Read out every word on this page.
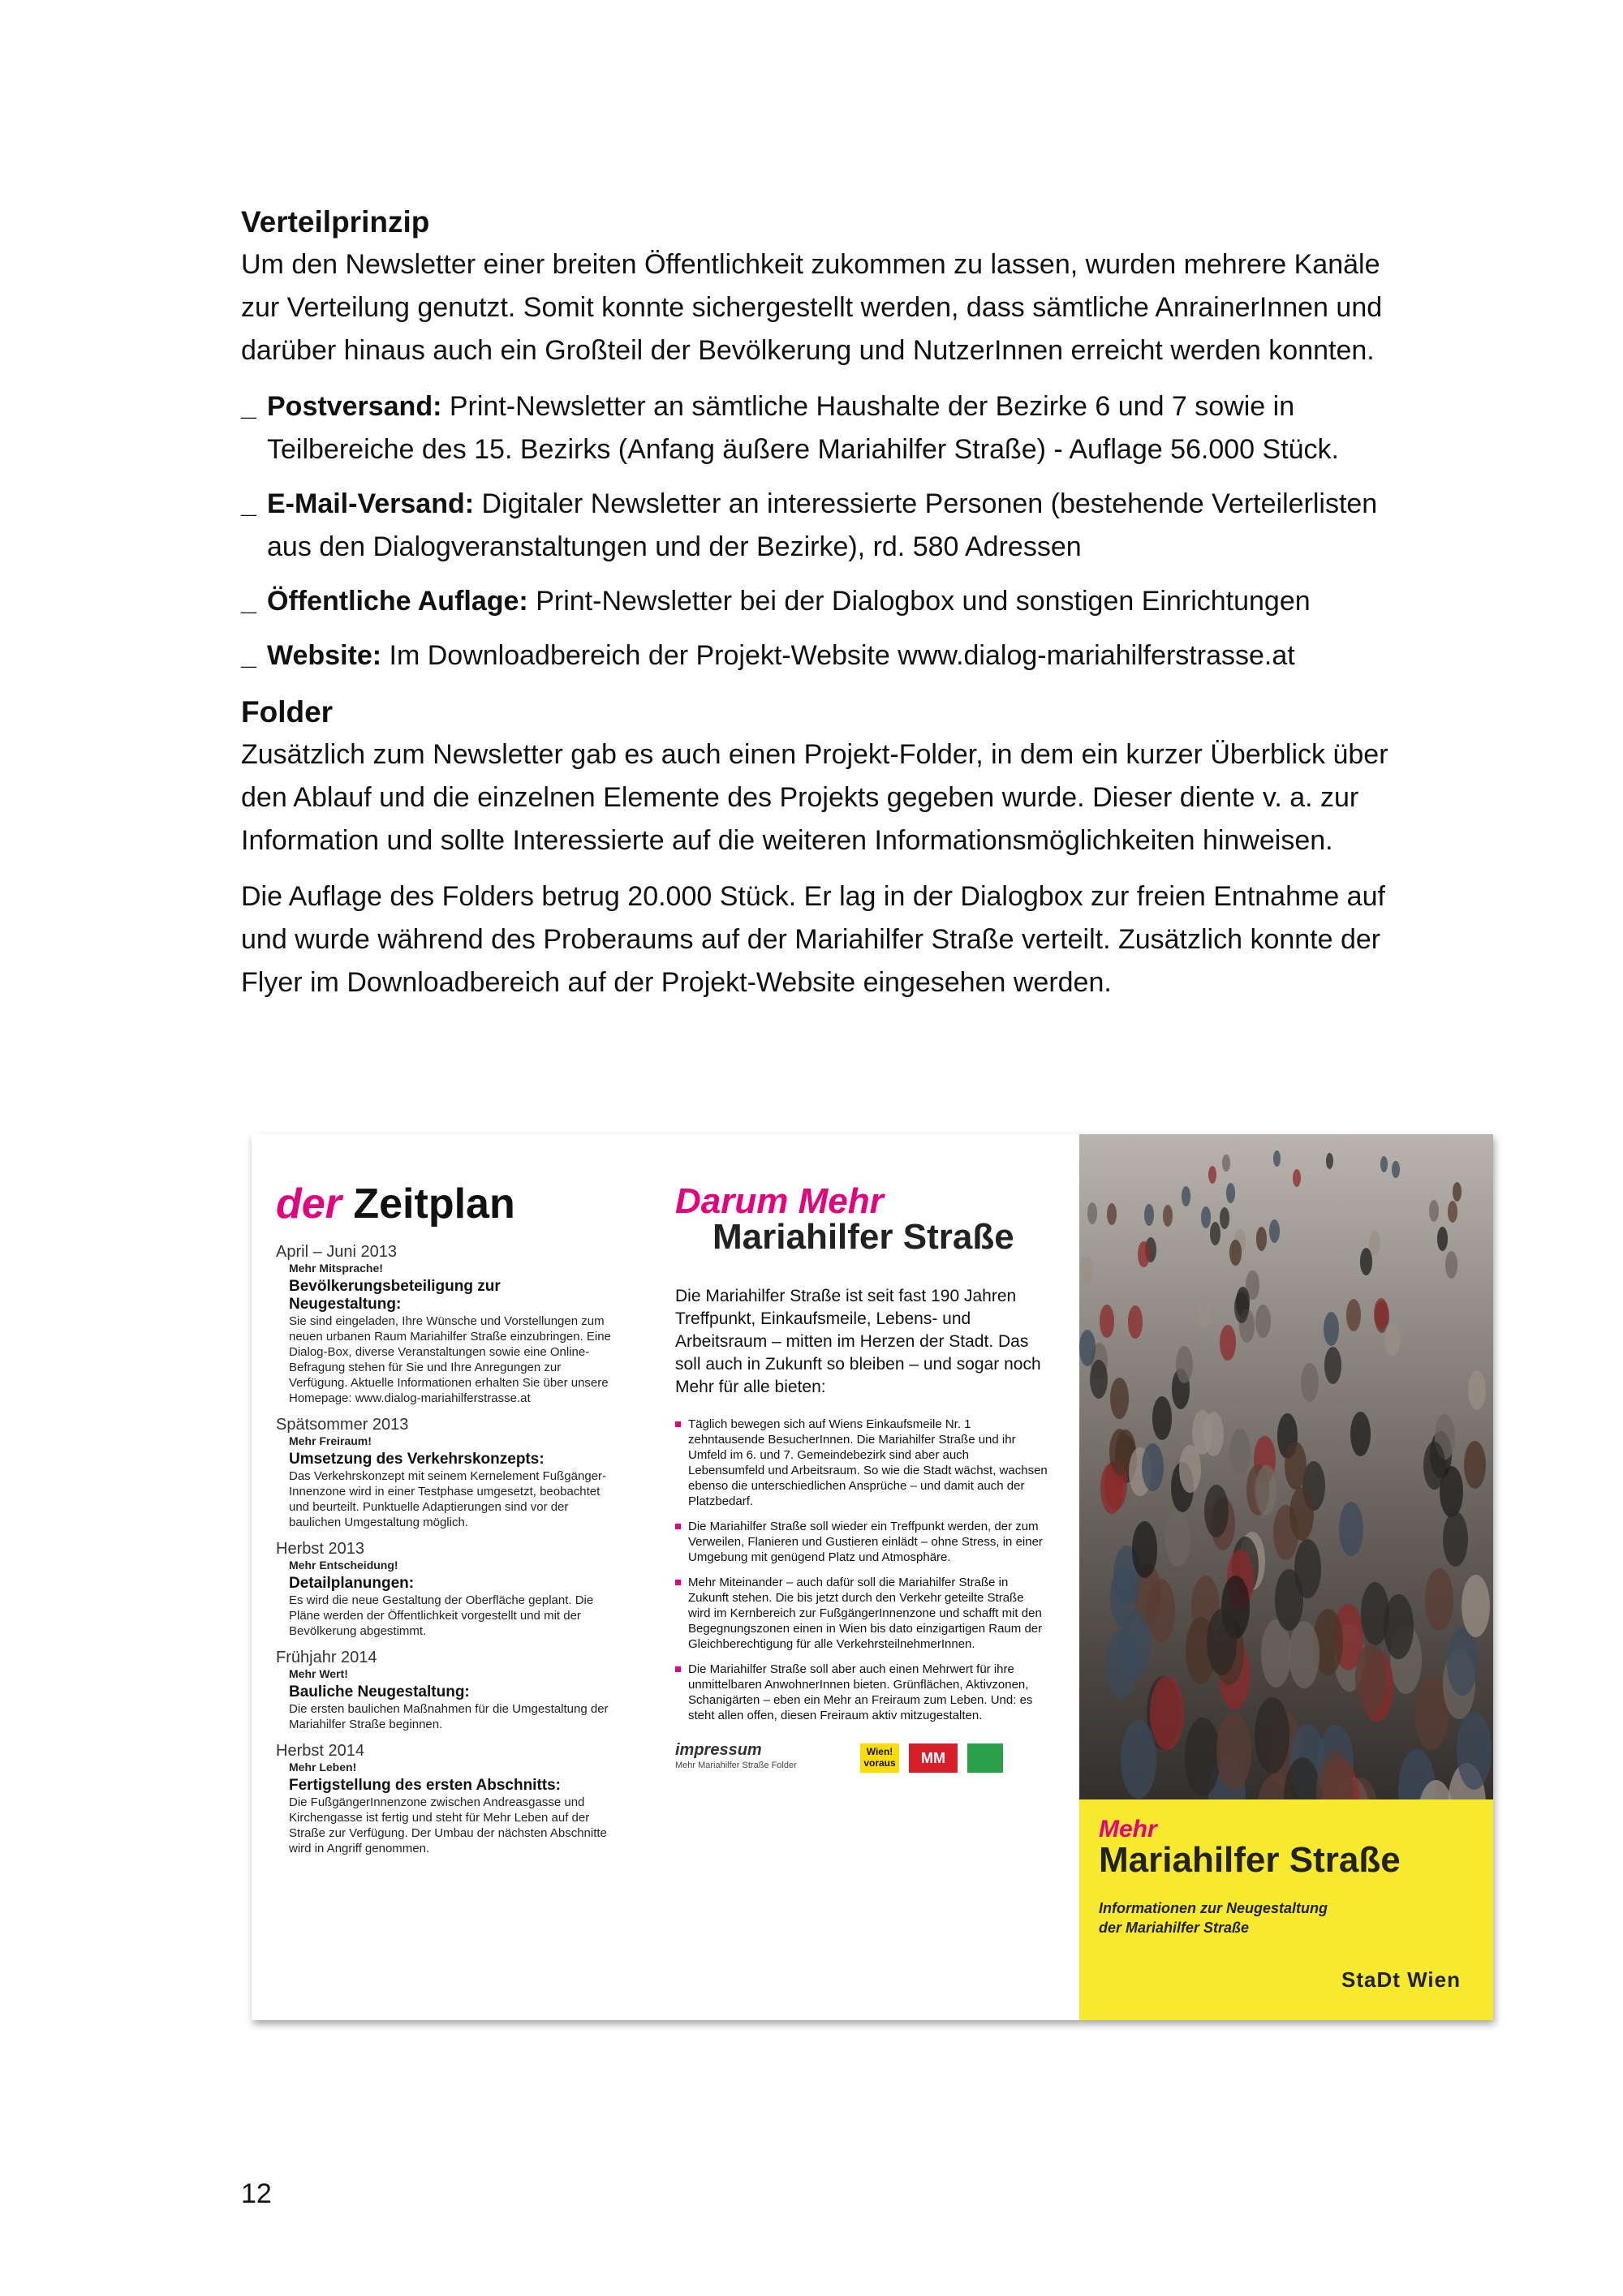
Verteilprinzip

Um den Newsletter einer breiten Öffentlichkeit zukommen zu lassen, wurden mehrere Kanäle zur Verteilung genutzt. Somit konnte sichergestellt werden, dass sämtliche AnrainerInnen und darüber hinaus auch ein Großteil der Bevölkerung und NutzerInnen erreicht werden konnten.

_ Postversand: Print-Newsletter an sämtliche Haushalte der Bezirke 6 und 7 sowie in Teilbereiche des 15. Bezirks (Anfang äußere Mariahilfer Straße) - Auflage 56.000 Stück.
_ E-Mail-Versand: Digitaler Newsletter an interessierte Personen (bestehende Verteilerlisten aus den Dialogveranstaltungen und der Bezirke), rd. 580 Adressen
_ Öffentliche Auflage: Print-Newsletter bei der Dialogbox und sonstigen Einrichtungen
_ Website: Im Downloadbereich der Projekt-Website www.dialog-mariahilferstrasse.at
Folder

Zusätzlich zum Newsletter gab es auch einen Projekt-Folder, in dem ein kurzer Überblick über den Ablauf und die einzelnen Elemente des Projekts gegeben wurde. Dieser diente v. a. zur Information und sollte Interessierte auf die weiteren Informationsmöglichkeiten hinweisen.

Die Auflage des Folders betrug 20.000 Stück. Er lag in der Dialogbox zur freien Entnahme auf und wurde während des Proberaums auf der Mariahilfer Straße verteilt. Zusätzlich konnte der Flyer im Downloadbereich auf der Projekt-Website eingesehen werden.

der Zeitplan
April – Juni 2013
Mehr Mitsprache!
Bevölkerungsbeteiligung zur Neugestaltung:
Sie sind eingeladen, Ihre Wünsche und Vorstellungen zum neuen urbanen Raum Mariahilfer Straße einzubringen. Eine Dialog-Box, diverse Veranstaltungen sowie eine Online-Befragung stehen für Sie und Ihre Anregungen zur Verfügung. Aktuelle Informationen erhalten Sie über unsere Homepage: www.dialog-mariahilferstrasse.at
Spätsommer 2013
Mehr Freiraum!
Umsetzung des Verkehrskonzepts:
Das Verkehrskonzept mit seinem Kernelement Fußgänger-Innenzone wird in einer Testphase umgesetzt, beobachtet und beurteilt. Punktuelle Adaptierungen sind vor der baulichen Umgestaltung möglich.
Herbst 2013
Mehr Entscheidung!
Detailplanungen:
Es wird die neue Gestaltung der Oberfläche geplant. Die Pläne werden der Öffentlichkeit vorgestellt und mit der Bevölkerung abgestimmt.
Frühjahr 2014
Mehr Wert!
Bauliche Neugestaltung:
Die ersten baulichen Maßnahmen für die Umgestaltung der Mariahilfer Straße beginnen.
Herbst 2014
Mehr Leben!
Fertigstellung des ersten Abschnitts:
Die FußgängerInnenzone zwischen Andreasgasse und Kirchengasse ist fertig und steht für Mehr Leben auf der Straße zur Verfügung. Der Umbau der nächsten Abschnitte wird in Angriff genommen.
Darum Mehr
Mariahilfer Straße
Die Mariahilfer Straße ist seit fast 190 Jahren Treffpunkt, Einkaufsmeile, Lebens- und Arbeitsraum – mitten im Herzen der Stadt. Das soll auch in Zukunft so bleiben – und sogar noch Mehr für alle bieten:
Täglich bewegen sich auf Wiens Einkaufsmeile Nr. 1 zehntausende BesucherInnen. Die Mariahilfer Straße und ihr Umfeld im 6. und 7. Gemeindebezirk sind aber auch Lebensumfeld und Arbeitsraum. So wie die Stadt wächst, wachsen ebenso die unterschiedlichen Ansprüche – und damit auch der Platzbedarf.
Die Mariahilfer Straße soll wieder ein Treffpunkt werden, der zum Verweilen, Flanieren und Gustieren einlädt – ohne Stress, in einer Umgebung mit genügend Platz und Atmosphäre.
Mehr Miteinander – auch dafür soll die Mariahilfer Straße in Zukunft stehen. Die bis jetzt durch den Verkehr geteilte Straße wird im Kernbereich zur FußgängerInnenzone und schafft mit den Begegnungszonen einen in Wien bis dato einzigartigen Raum der Gleichberechtigung für alle VerkehrsteilnehmerInnen.
Die Mariahilfer Straße soll aber auch einen Mehrwert für ihre unmittelbaren AnwohnerInnen bieten. Grünflächen, Aktivzonen, Schanigärten – eben ein Mehr an Freiraum zum Leben. Und: es steht allen offen, diesen Freiraum aktiv mitzugestalten.
impressum
Mehr Mariahilfer Straße Folder
Wien! voraus	MM
Mehr
Mariahilfer Straße
Informationen zur Neugestaltung der Mariahilfer Straße
StaDt Wien
12
